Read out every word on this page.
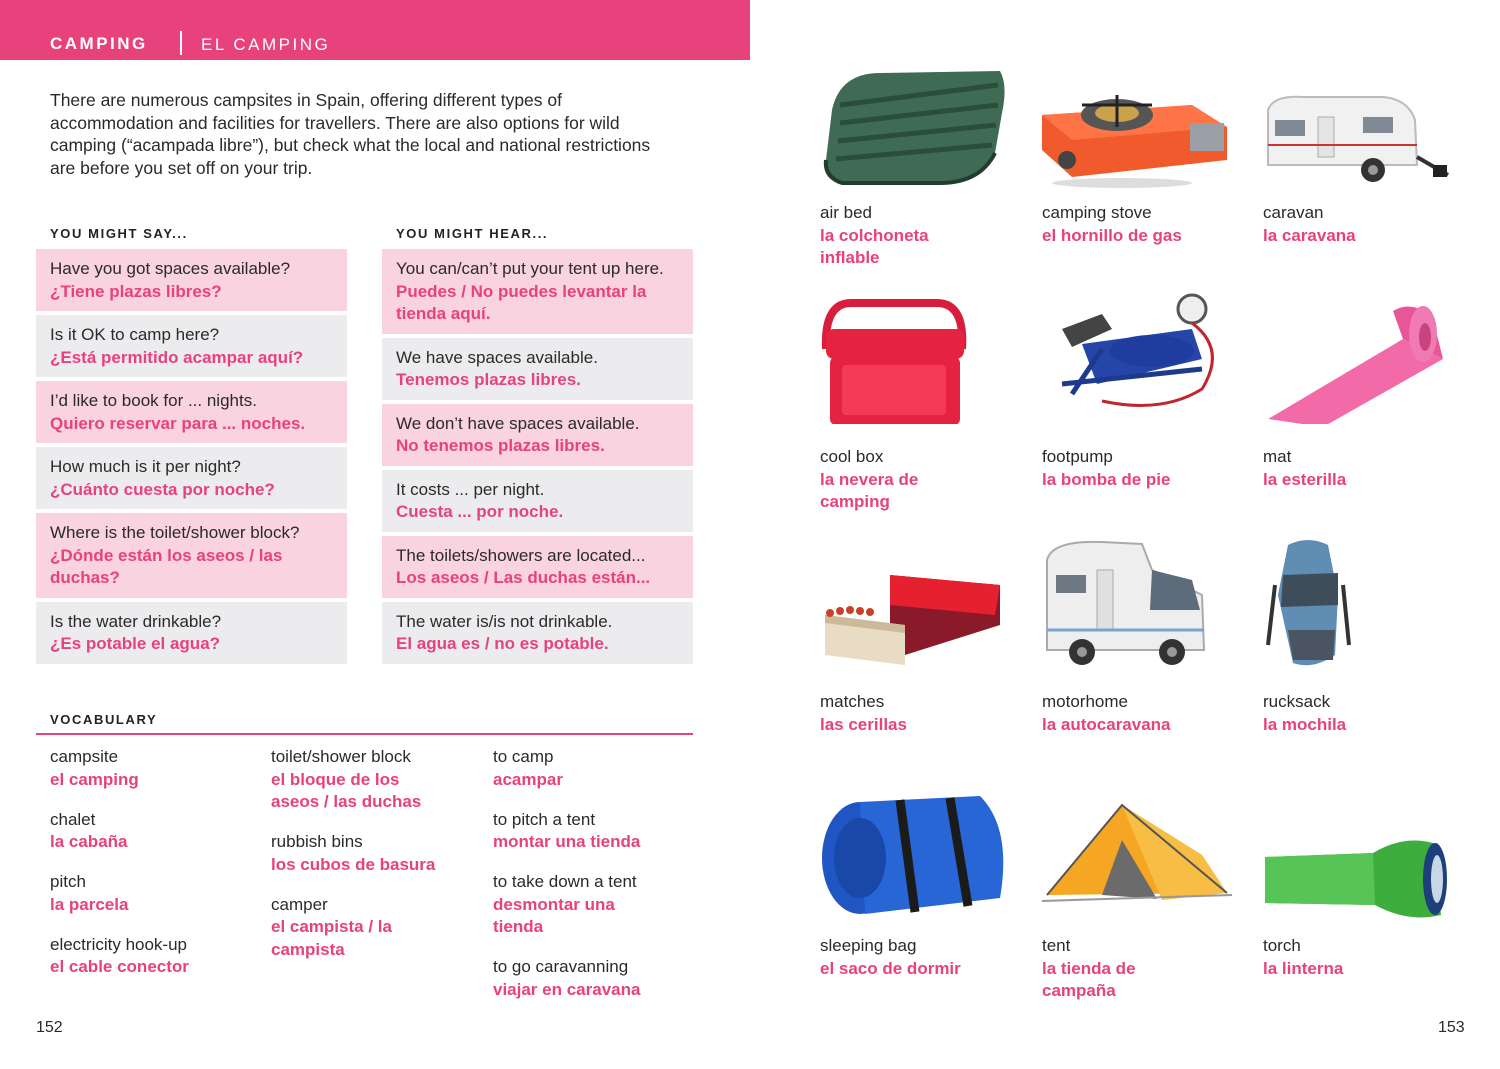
CAMPING	EL CAMPING

There are numerous campsites in Spain, offering different types of accommodation and facilities for travellers. There are also options for wild camping (“acampada libre”), but check what the local and national restrictions are before you set off on your trip.

YOU MIGHT SAY...	YOU MIGHT HEAR...
Have you got spaces available?
¿Tiene plazas libres?
Is it OK to camp here?
¿Está permitido acampar aquí?
I’d like to book for ... nights.
Quiero reservar para ... noches.
How much is it per night?
¿Cuánto cuesta por noche?
Where is the toilet/shower block?
¿Dónde están los aseos / las duchas?
Is the water drinkable?
¿Es potable el agua?
You can/can’t put your tent up here.
Puedes / No puedes levantar la tienda aquí.
We have spaces available.
Tenemos plazas libres.
We don’t have spaces available.
No tenemos plazas libres.
It costs ... per night.
Cuesta ... por noche.
The toilets/showers are located...
Los aseos / Las duchas están...
The water is/is not drinkable.
El agua es / no es potable.
VOCABULARY
campsite
el camping
chalet
la cabaña
pitch
la parcela
electricity hook-up
el cable conector
toilet/shower block
el bloque de los aseos / las duchas
rubbish bins
los cubos de basura
camper
el campista / la campista
to camp
acampar
to pitch a tent
montar una tienda
to take down a tent
desmontar una tienda
to go caravanning
viajar en caravana
152
air bed
la colchoneta inflable
camping stove
el hornillo de gas
caravan
la caravana
cool box
la nevera de camping
footpump
la bomba de pie
mat
la esterilla
matches
las cerillas
motorhome
la autocaravana
rucksack
la mochila
sleeping bag
el saco de dormir
tent
la tienda de campaña
torch
la linterna
153
